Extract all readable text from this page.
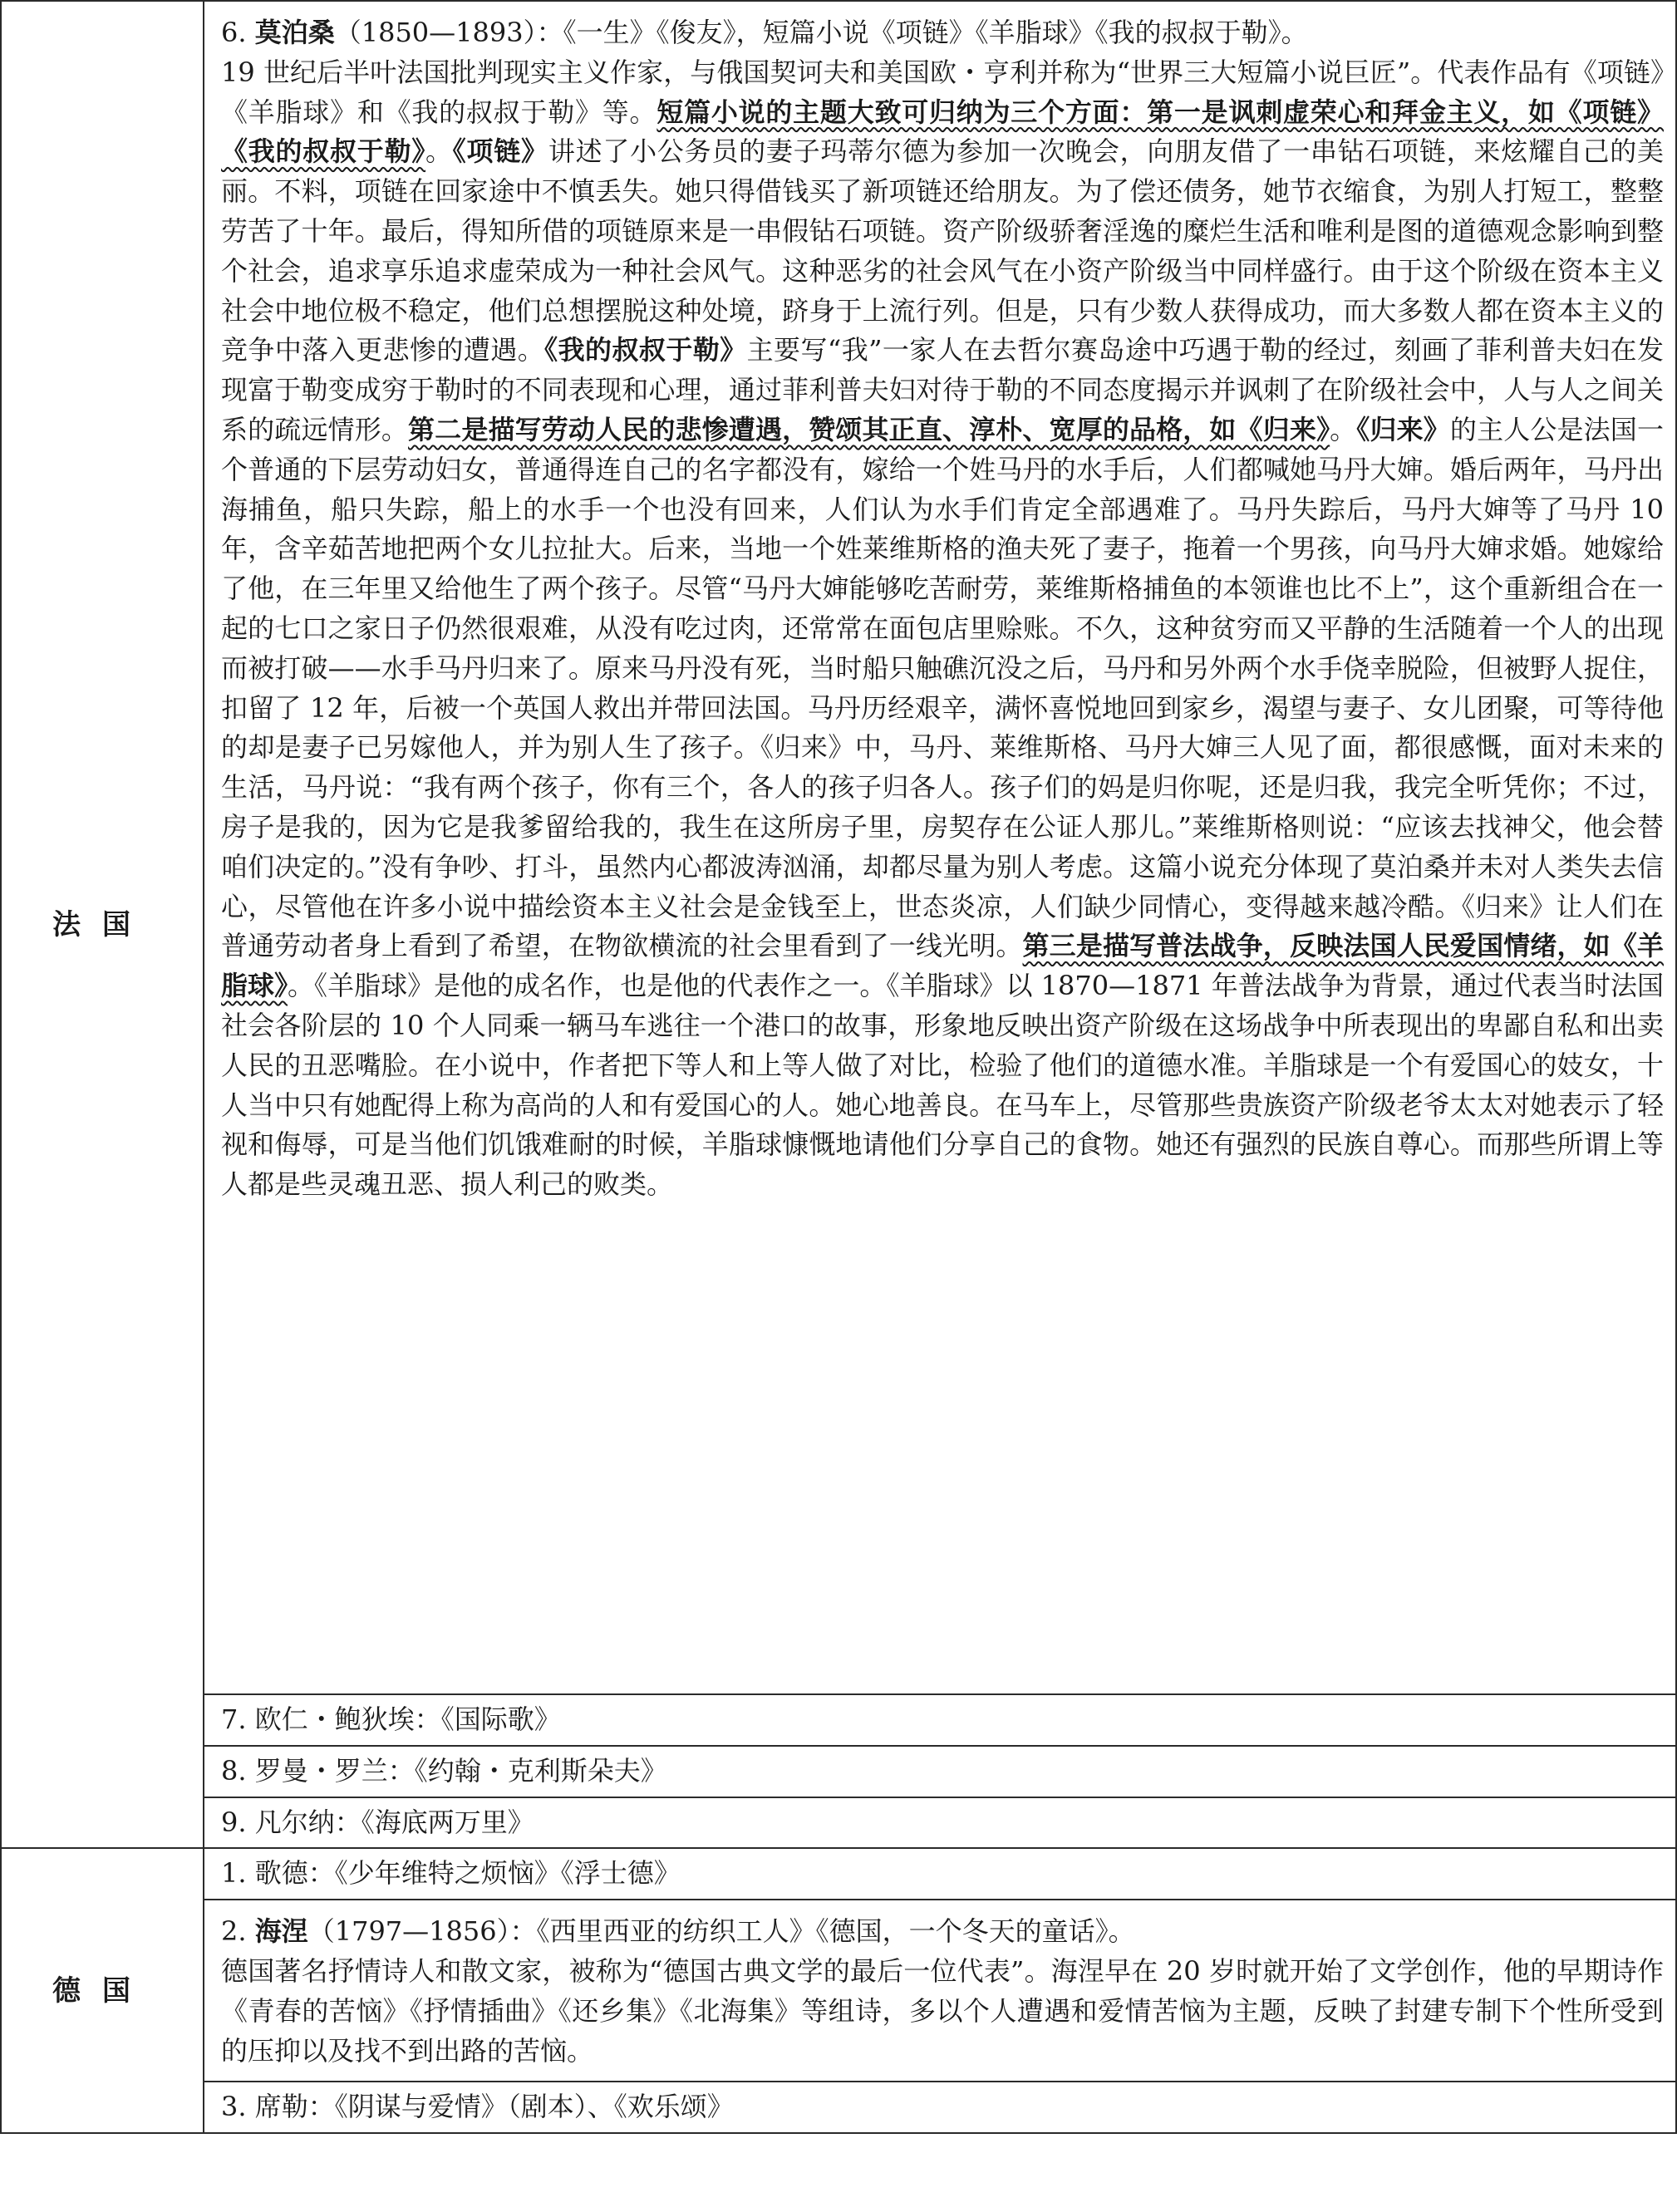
法国	6. 莫泊桑（1850—1893）：《一生》《俊友》，短篇小说《项链》《羊脂球》《我的叔叔于勒》。
19 世纪后半叶法国批判现实主义作家，与俄国契诃夫和美国欧・亨利并称为“世界三大短篇小说巨匠”。代表作品有《项链》《羊脂球》和《我的叔叔于勒》等。短篇小说的主题大致可归纳为三个方面：第一是讽刺虚荣心和拜金主义，如《项链》《我的叔叔于勒》。《项链》讲述了小公务员的妻子玛蒂尔德为参加一次晚会，向朋友借了一串钻石项链，来炫耀自己的美丽。不料，项链在回家途中不慎丢失。她只得借钱买了新项链还给朋友。为了偿还债务，她节衣缩食，为别人打短工，整整劳苦了十年。最后，得知所借的项链原来是一串假钻石项链。资产阶级骄奢淫逸的糜烂生活和唯利是图的道德观念影响到整个社会，追求享乐追求虚荣成为一种社会风气。这种恶劣的社会风气在小资产阶级当中同样盛行。由于这个阶级在资本主义社会中地位极不稳定，他们总想摆脱这种处境，跻身于上流行列。但是，只有少数人获得成功，而大多数人都在资本主义的竞争中落入更悲惨的遭遇。《我的叔叔于勒》主要写“我”一家人在去哲尔赛岛途中巧遇于勒的经过，刻画了菲利普夫妇在发现富于勒变成穷于勒时的不同表现和心理，通过菲利普夫妇对待于勒的不同态度揭示并讽刺了在阶级社会中，人与人之间关系的疏远情形。第二是描写劳动人民的悲惨遭遇，赞颂其正直、淳朴、宽厚的品格，如《归来》。《归来》的主人公是法国一个普通的下层劳动妇女，普通得连自己的名字都没有，嫁给一个姓马丹的水手后，人们都喊她马丹大婶。婚后两年，马丹出海捕鱼，船只失踪，船上的水手一个也没有回来，人们认为水手们肯定全部遇难了。马丹失踪后，马丹大婶等了马丹 10 年，含辛茹苦地把两个女儿拉扯大。后来，当地一个姓莱维斯格的渔夫死了妻子，拖着一个男孩，向马丹大婶求婚。她嫁给了他，在三年里又给他生了两个孩子。尽管“马丹大婶能够吃苦耐劳，莱维斯格捕鱼的本领谁也比不上”，这个重新组合在一起的七口之家日子仍然很艰难，从没有吃过肉，还常常在面包店里赊账。不久，这种贫穷而又平静的生活随着一个人的出现而被打破——水手马丹归来了。原来马丹没有死，当时船只触礁沉没之后，马丹和另外两个水手侥幸脱险，但被野人捉住，扣留了 12 年，后被一个英国人救出并带回法国。马丹历经艰辛，满怀喜悦地回到家乡，渴望与妻子、女儿团聚，可等待他的却是妻子已另嫁他人，并为别人生了孩子。《归来》中，马丹、莱维斯格、马丹大婶三人见了面，都很感慨，面对未来的生活，马丹说：“我有两个孩子，你有三个，各人的孩子归各人。孩子们的妈是归你呢，还是归我，我完全听凭你；不过，房子是我的，因为它是我爹留给我的，我生在这所房子里，房契存在公证人那儿。”莱维斯格则说：“应该去找神父，他会替咱们决定的。”没有争吵、打斗，虽然内心都波涛汹涌，却都尽量为别人考虑。这篇小说充分体现了莫泊桑并未对人类失去信心，尽管他在许多小说中描绘资本主义社会是金钱至上，世态炎凉，人们缺少同情心，变得越来越冷酷。《归来》让人们在普通劳动者身上看到了希望，在物欲横流的社会里看到了一线光明。第三是描写普法战争，反映法国人民爱国情绪，如《羊脂球》。《羊脂球》是他的成名作，也是他的代表作之一。《羊脂球》以 1870—1871 年普法战争为背景，通过代表当时法国社会各阶层的 10 个人同乘一辆马车逃往一个港口的故事，形象地反映出资产阶级在这场战争中所表现出的卑鄙自私和出卖人民的丑恶嘴脸。在小说中，作者把下等人和上等人做了对比，检验了他们的道德水准。羊脂球是一个有爱国心的妓女，十人当中只有她配得上称为高尚的人和有爱国心的人。她心地善良。在马车上，尽管那些贵族资产阶级老爷太太对她表示了轻视和侮辱，可是当他们饥饿难耐的时候，羊脂球慷慨地请他们分享自己的食物。她还有强烈的民族自尊心。而那些所谓上等人都是些灵魂丑恶、损人利己的败类。

	7. 欧仁・鲍狄埃：《国际歌》
	8. 罗曼・罗兰：《约翰・克利斯朵夫》
	9. 凡尔纳：《海底两万里》
德国	1. 歌德：《少年维特之烦恼》《浮士德》

	2. 海涅（1797—1856）：《西里西亚的纺织工人》《德国，一个冬天的童话》。
德国著名抒情诗人和散文家，被称为“德国古典文学的最后一位代表”。海涅早在 20 岁时就开始了文学创作，他的早期诗作《青春的苦恼》《抒情插曲》《还乡集》《北海集》等组诗，多以个人遭遇和爱情苦恼为主题，反映了封建专制下个性所受到的压抑以及找不到出路的苦恼。

	3. 席勒：《阴谋与爱情》（剧本）、《欢乐颂》
